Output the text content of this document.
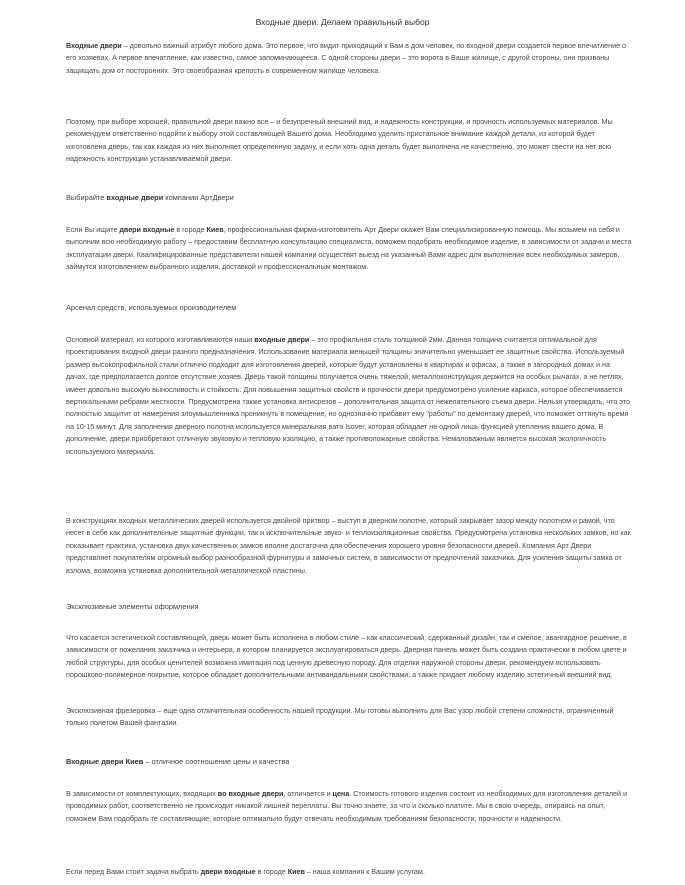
Входные двери. Делаем правильный выбор

Входные двери – довольно важный атрибут любого дома. Это первое, что видит приходящий к Вам в дом человек, по входной двери создается первое впечатление о его хозяевах. А первое впечатление, как известно, самое запоминающееся. С одной стороны двери – это ворота в Ваше жилище, с другой стороны, они призваны защищать дом от посторонних. Это своеобразная крепость в современном жилище человека.

Поэтому, при выборе хорошей, правильной двери важно все – и безупречный внешний вид, и надежность конструкции, и прочность используемых материалов. Мы рекомендуем ответственно подойти к выбору этой составляющей Вашего дома. Необходимо уделить пристальное внимание каждой детали, из которой будет изготовлена дверь, так как каждая из них выполняет определенную задачу, и если хоть одна деталь будет выполнена не качественно, это может свести на нет всю надежность конструкции устанавливаемой двери.

Выбирайте входные двери компании АртДвери

Если Вы ищите двери входные в городе Киев, профессиональная фирма-изготовитель Арт Двери окажет Вам специализированную помощь. Мы возьмем на себя и выполним всю необходимую работу – предоставим бесплатную консультацию специалиста, поможем подобрать необходимое изделие, в зависимости от задачи и места эксплуатации двери. Квалифицированные представители нашей компании осуществят выезд на указанный Вами адрес для выполнения всех необходимых замеров, займутся изготовлением выбранного изделия, доставкой и профессиональным монтажом.

Арсенал средств, используемых производителем

Основной материал, из которого изготавливаются наши входные двери – это профильная сталь толщиной 2мм. Данная толщина считается оптимальной для проектирования входной двери разного предназначения. Использование материала меньшей толщины значительно уменьшает ее защитные свойства. Используемый размер высокопрофильной стали отлично подходит для изготовления дверей, которые будут установлены в квартирах и офисах, а также в загородных домах и на дачах, где предполагается долгое отсутствие хозяев. Дверь такой толщины получается очень тяжелой, металлоконструкция держится на особых рычагах, а не петлях, имеет довольно высокую выносливость и стойкость. Для повышения защитных свойств и прочности двери предусмотрено усиление каркаса, которое обеспечивается вертикальными ребрами жесткости. Предусмотрена также установка антисрезов – дополнительная защита от нежелательного съема двери. Нельзя утверждать, что это полностью защитит от намерения злоумышленника проникнуть в помещение, но однозначно прибавит ему "работы" по демонтажу дверей, что поможет оттянуть время на 10-15 минут. Для заполнения дверного полотна используется минеральная вата Isover, которая обладает не одной лишь функцией утепления вашего дома. В дополнение, двери приобретают отличную звуковую и тепловую изоляцию, а также противопожарные свойства. Немаловажным является высокая экологичность используемого материала.

В конструкциях входных металлических дверей используется двойной притвор – выступ в дверном полотне, который закрывает зазор между полотном и рамой, что несет в себе как дополнительные защитные функции, так и исключительные звуко- и теплоизоляционные свойства. Предусмотрена установка нескольких замков, но как показывает практика, установка двух качественных замков вполне достаточна для обеспечения хорошего уровня безопасности дверей. Компания Арт Двери представляет покупателям огромный выбор разнообразной фурнитуры и замочных систем, в зависимости от предпочтений заказчика. Для усиления защиты замка от взлома, возможна установка дополнительной металлической пластины.

Эксклюзивные элементы оформления

Что касается эстетической составляющей, дверь может быть исполнена в любом стиле – как классический, сдержанный дизайн, так и смелое, авангардное решение, в зависимости от пожелания заказчика и интерьера, в котором планируется эксплуатироваться дверь. Дверная панель может быть создана практически в любом цвете и любой структуры, для особых ценителей возможна имитация под ценную древесную породу. Для отделки наружной стороны двери, рекомендуем использовать порошково-полимерное покрытие, которое обладает дополнительными антивандальными свойствами, а также придает любому изделию эстетичный внешний вид.

Эксклюзивная фрезеровка – еще одна отличительная особенность нашей продукции. Мы готовы выполнить для Вас узор любой степени сложности, ограниченный только полетом Вашей фантазии.

Входные двери Киев – отличное соотношение цены и качества

В зависимости от комплектующих, входящих во входные двери, отличается и цена. Стоимость готового изделия состоит из необходимых для изготовления деталей и проводимых работ, соответственно не происходит никакой лишней переплаты. Вы точно знаете, за что и сколько платите. Мы в свою очередь, опираясь на опыт, поможем Вам подобрать те составляющие, которые оптимально будут отвечать необходимым требованиям безопасности, прочности и надежности.

Если перед Вами стоит задача выбрать двери входные в городе Киев – наша компания к Вашим услугам.
